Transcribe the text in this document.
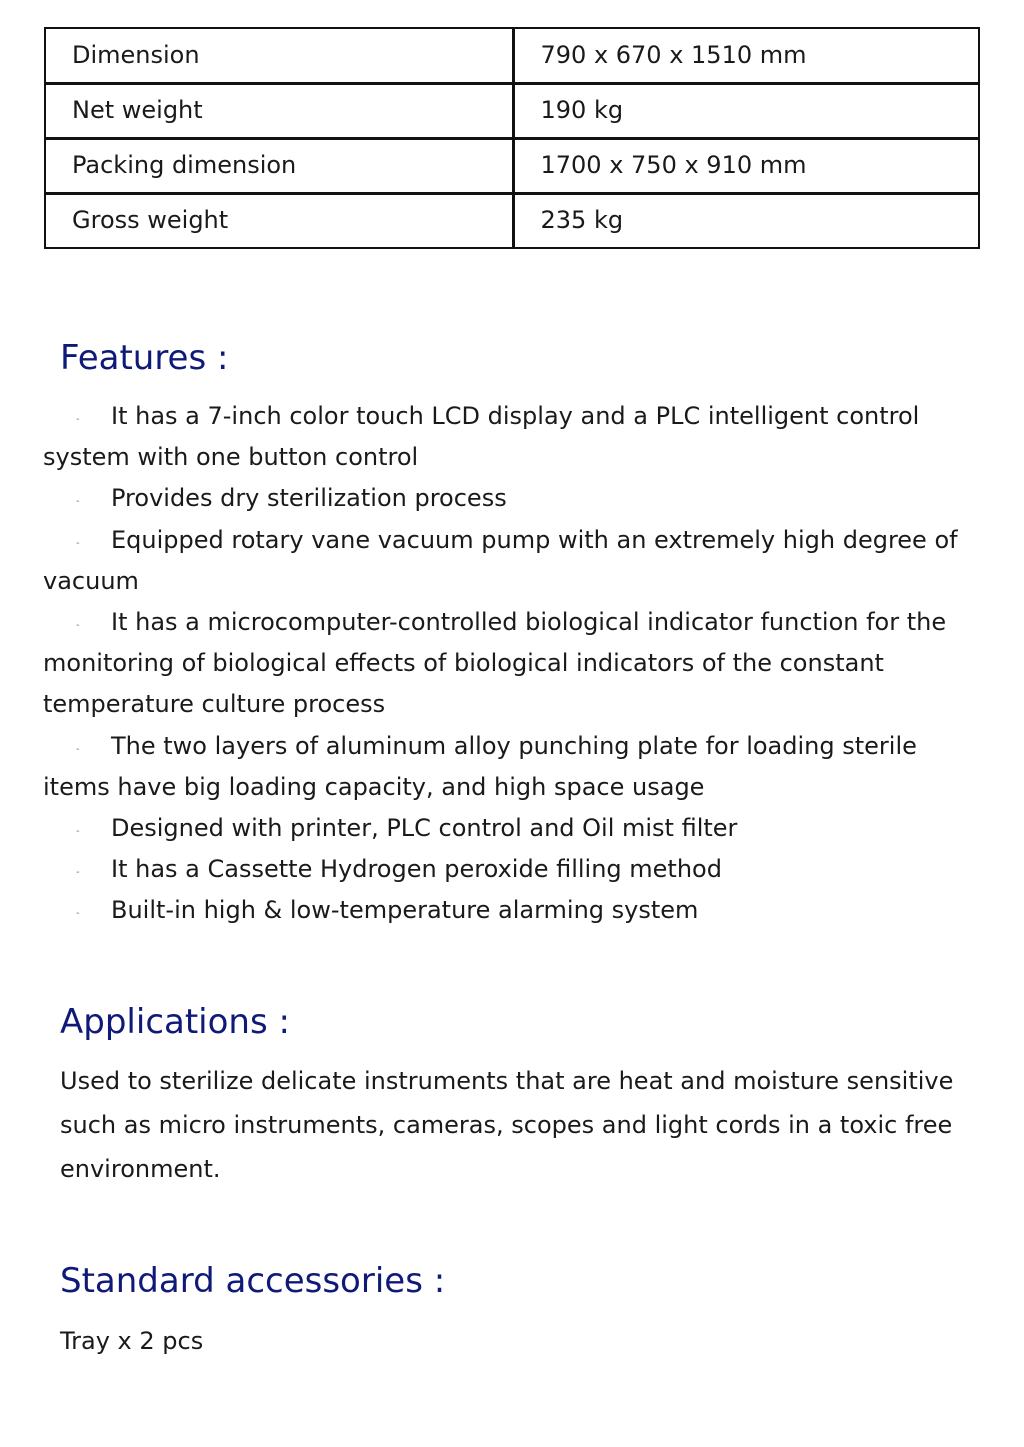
Dimension	790 x 670 x 1510 mm
Net weight	190 kg
Packing dimension	1700 x 750 x 910 mm
Gross weight	235 kg
Features :
- It has a 7-inch color touch LCD display and a PLC intelligent control system with one button control
- Provides dry sterilization process
- Equipped rotary vane vacuum pump with an extremely high degree of vacuum
- It has a microcomputer-controlled biological indicator function for the monitoring of biological effects of biological indicators of the constant temperature culture process
- The two layers of aluminum alloy punching plate for loading sterile items have big loading capacity, and high space usage
- Designed with printer, PLC control and Oil mist filter
- It has a Cassette Hydrogen peroxide filling method
- Built-in high & low-temperature alarming system
Applications :

Used to sterilize delicate instruments that are heat and moisture sensitive such as micro instruments, cameras, scopes and light cords in a toxic free environment.

Standard accessories :

Tray x 2 pcs
